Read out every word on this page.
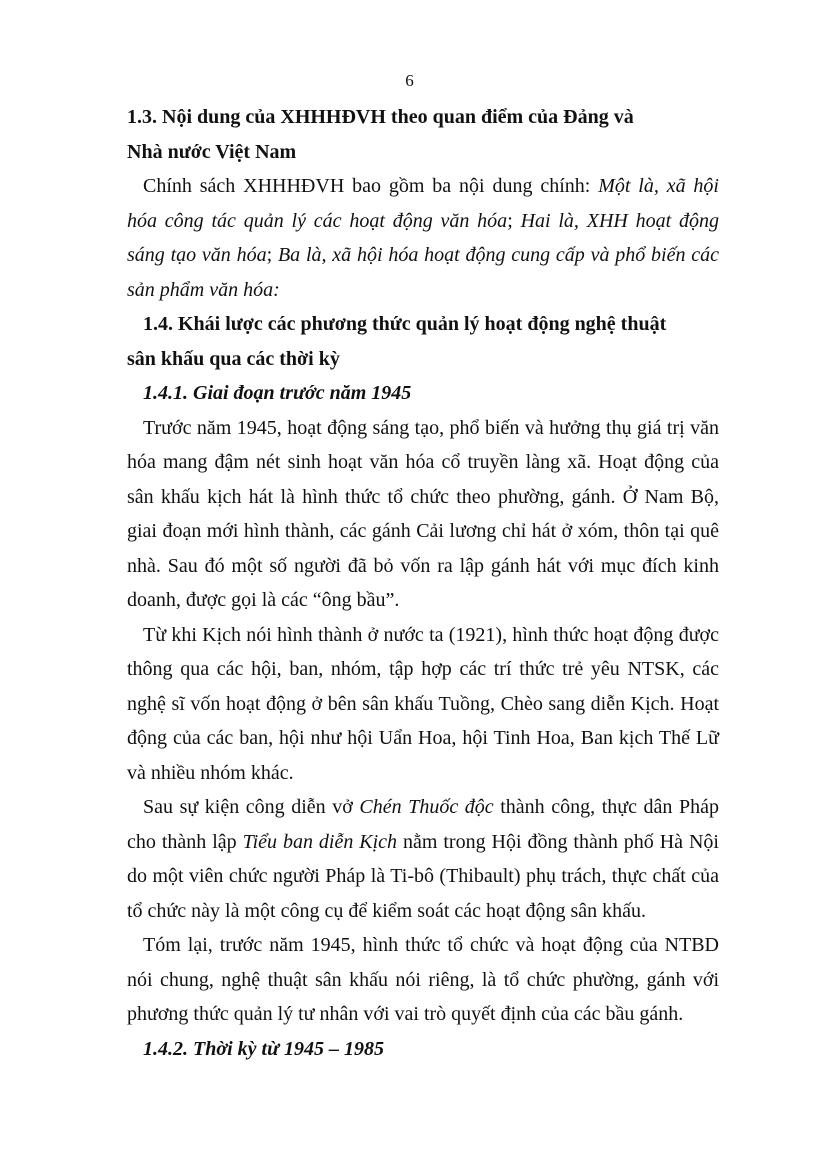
6

1.3. Nội dung của XHHHĐVH theo quan điểm của Đảng và
Nhà nước Việt Nam

Chính sách XHHHĐVH bao gồm ba nội dung chính: Một là, xã hội hóa công tác quản lý các hoạt động văn hóa; Hai là, XHH hoạt động sáng tạo văn hóa; Ba là, xã hội hóa hoạt động cung cấp và phổ biến các sản phẩm văn hóa:

1.4. Khái lược các phương thức quản lý hoạt động nghệ thuật
sân khấu qua các thời kỳ

1.4.1. Giai đoạn trước năm 1945

Trước năm 1945, hoạt động sáng tạo, phổ biến và hưởng thụ giá trị văn hóa mang đậm nét sinh hoạt văn hóa cổ truyền làng xã. Hoạt động của sân khấu kịch hát là hình thức tổ chức theo phường, gánh. Ở Nam Bộ, giai đoạn mới hình thành, các gánh Cải lương chỉ hát ở xóm, thôn tại quê nhà. Sau đó một số người đã bỏ vốn ra lập gánh hát với mục đích kinh doanh, được gọi là các “ông bầu”.

Từ khi Kịch nói hình thành ở nước ta (1921), hình thức hoạt động được thông qua các hội, ban, nhóm, tập hợp các trí thức trẻ yêu NTSK, các nghệ sĩ vốn hoạt động ở bên sân khấu Tuồng, Chèo sang diễn Kịch. Hoạt động của các ban, hội như hội Uẩn Hoa, hội Tinh Hoa, Ban kịch Thế Lữ và nhiều nhóm khác.

Sau sự kiện công diễn vở Chén Thuốc độc thành công, thực dân Pháp cho thành lập Tiểu ban diễn Kịch nằm trong Hội đồng thành phố Hà Nội do một viên chức người Pháp là Ti-bô (Thibault) phụ trách, thực chất của tổ chức này là một công cụ để kiểm soát các hoạt động sân khấu.

Tóm lại, trước năm 1945, hình thức tổ chức và hoạt động của NTBD nói chung, nghệ thuật sân khấu nói riêng, là tổ chức phường, gánh với phương thức quản lý tư nhân với vai trò quyết định của các bầu gánh.

1.4.2. Thời kỳ từ 1945 – 1985
